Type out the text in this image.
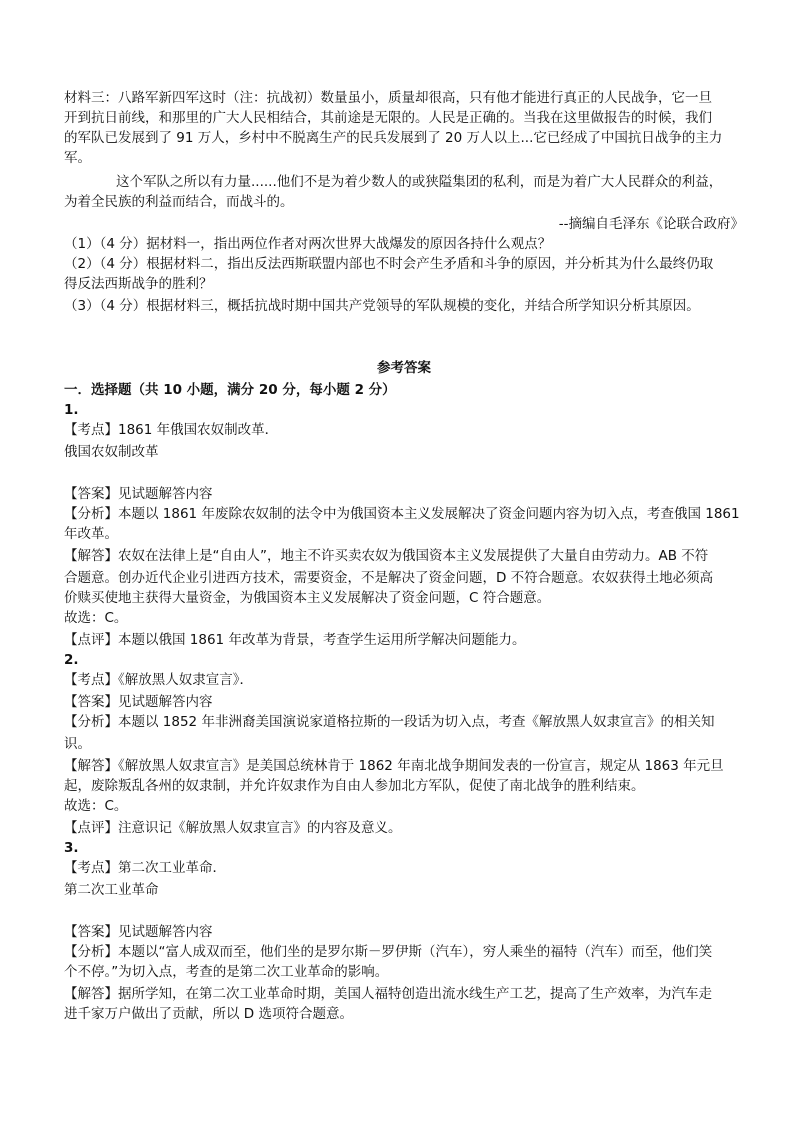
材料三：八路军新四军这时（注：抗战初）数量虽小，质量却很高，只有他才能进行真正的人民战争，它一旦
开到抗日前线，和那里的广大人民相结合，其前途是无限的。人民是正确的。当我在这里做报告的时候，我们
的军队已发展到了 91 万人，乡村中不脱离生产的民兵发展到了 20 万人以上...它已经成了中国抗日战争的主力
军。
这个军队之所以有力量......他们不是为着少数人的或狭隘集团的私利，而是为着广大人民群众的利益，
为着全民族的利益而结合，而战斗的。
--摘编自毛泽东《论联合政府》
（1）（4 分）据材料一，指出两位作者对两次世界大战爆发的原因各持什么观点？
（2）（4 分）根据材料二，指出反法西斯联盟内部也不时会产生矛盾和斗争的原因，并分析其为什么最终仍取
得反法西斯战争的胜利？
（3）（4 分）根据材料三，概括抗战时期中国共产党领导的军队规模的变化，并结合所学知识分析其原因。
参考答案
一．选择题（共 10 小题，满分 20 分，每小题 2 分）
1.
【考点】1861 年俄国农奴制改革．
俄国农奴制改革
【答案】见试题解答内容
【分析】本题以 1861 年废除农奴制的法令中为俄国资本主义发展解决了资金问题内容为切入点，考查俄国 1861
年改革。
【解答】农奴在法律上是“自由人”，地主不许买卖农奴为俄国资本主义发展提供了大量自由劳动力。AB 不符
合题意。创办近代企业引进西方技术，需要资金，不是解决了资金问题，D 不符合题意。农奴获得土地必须高
价赎买使地主获得大量资金，为俄国资本主义发展解决了资金问题，C 符合题意。
故选：C。
【点评】本题以俄国 1861 年改革为背景，考查学生运用所学解决问题能力。
2.
【考点】《解放黑人奴隶宣言》．
【答案】见试题解答内容
【分析】本题以 1852 年非洲裔美国演说家道格拉斯的一段话为切入点，考查《解放黑人奴隶宣言》的相关知
识。
【解答】《解放黑人奴隶宣言》是美国总统林肯于 1862 年南北战争期间发表的一份宣言，规定从 1863 年元旦
起，废除叛乱各州的奴隶制，并允许奴隶作为自由人参加北方军队，促使了南北战争的胜利结束。
故选：C。
【点评】注意识记《解放黑人奴隶宣言》的内容及意义。
3.
【考点】第二次工业革命．
第二次工业革命
【答案】见试题解答内容
【分析】本题以“富人成双而至，他们坐的是罗尔斯－罗伊斯（汽车），穷人乘坐的福特（汽车）而至，他们笑
个不停。”为切入点，考查的是第二次工业革命的影响。
【解答】据所学知，在第二次工业革命时期，美国人福特创造出流水线生产工艺，提高了生产效率，为汽车走
进千家万户做出了贡献，所以 D 选项符合题意。
